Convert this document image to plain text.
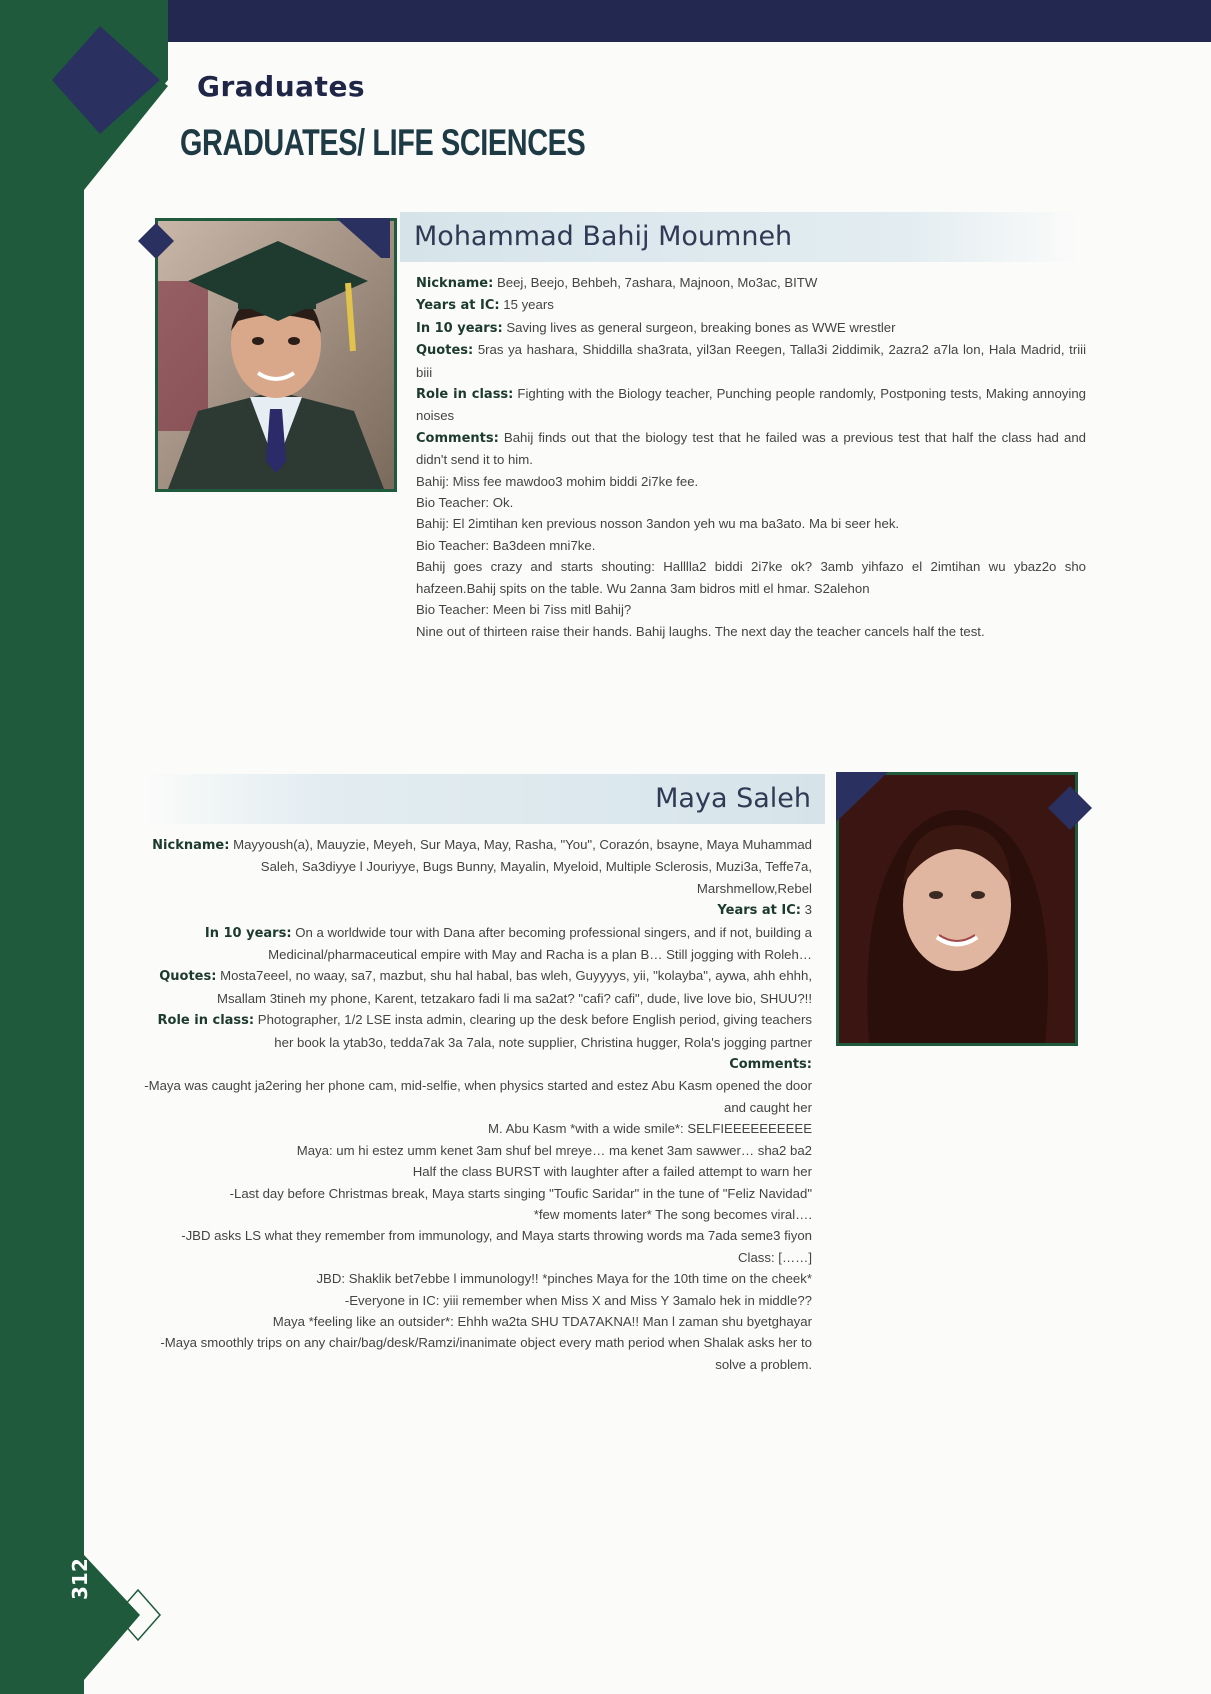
Graduates
GRADUATES/ LIFE SCIENCES
Mohammad Bahij Moumneh

Nickname: Beej, Beejo, Behbeh, 7ashara, Majnoon, Mo3ac, BITW

Years at IC: 15 years

In 10 years: Saving lives as general surgeon, breaking bones as WWE wrestler

Quotes: 5ras ya hashara, Shiddilla sha3rata, yil3an Reegen, Talla3i 2iddimik, 2azra2 a7la lon, Hala Madrid, triii biii

Role in class: Fighting with the Biology teacher, Punching people randomly, Postponing tests, Making annoying noises

Comments: Bahij finds out that the biology test that he failed was a previous test that half the class had and didn't send it to him.

Bahij: Miss fee mawdoo3 mohim biddi 2i7ke fee.

Bio Teacher: Ok.

Bahij: El 2imtihan ken previous nosson 3andon yeh wu ma ba3ato. Ma bi seer hek.

Bio Teacher: Ba3deen mni7ke.

Bahij goes crazy and starts shouting: Halllla2 biddi 2i7ke ok? 3amb yihfazo el 2imtihan wu ybaz2o sho hafzeen.Bahij spits on the table. Wu 2anna 3am bidros mitl el hmar. S2alehon

Bio Teacher: Meen bi 7iss mitl Bahij?

Nine out of thirteen raise their hands. Bahij laughs. The next day the teacher cancels half the test.

Maya Saleh

Nickname: Mayyoush(a), Mauyzie, Meyeh, Sur Maya, May, Rasha, "You", Corazón, bsayne, Maya Muhammad Saleh, Sa3diyye l Jouriyye, Bugs Bunny, Mayalin, Myeloid, Multiple Sclerosis, Muzi3a, Teffe7a, Marshmellow,Rebel

Years at IC: 3

In 10 years: On a worldwide tour with Dana after becoming professional singers, and if not, building a Medicinal/pharmaceutical empire with May and Racha is a plan B… Still jogging with Roleh…

Quotes: Mosta7eeel, no waay, sa7, mazbut, shu hal habal, bas wleh, Guyyyys, yii, "kolayba", aywa, ahh ehhh, Msallam 3tineh my phone, Karent, tetzakaro fadi li ma sa2at? "cafi? cafi", dude, live love bio, SHUU?!!

Role in class: Photographer, 1/2 LSE insta admin, clearing up the desk before English period, giving teachers her book la ytab3o, tedda7ak 3a 7ala, note supplier, Christina hugger, Rola's jogging partner

Comments:

-Maya was caught ja2ering her phone cam, mid-selfie, when physics started and estez Abu Kasm opened the door and caught her

M. Abu Kasm *with a wide smile*: SELFIEEEEEEEEEE

Maya: um hi estez umm kenet 3am shuf bel mreye… ma kenet 3am sawwer… sha2 ba2

Half the class BURST with laughter after a failed attempt to warn her

-Last day before Christmas break, Maya starts singing "Toufic Saridar" in the tune of "Feliz Navidad"

*few moments later* The song becomes viral….

-JBD asks LS what they remember from immunology, and Maya starts throwing words ma 7ada seme3 fiyon

Class: [……]

JBD: Shaklik bet7ebbe l immunology!! *pinches Maya for the 10th time on the cheek*

-Everyone in IC: yiii remember when Miss X and Miss Y 3amalo hek in middle??

Maya *feeling like an outsider*: Ehhh wa2ta SHU TDA7AKNA!! Man l zaman shu byetghayar

-Maya smoothly trips on any chair/bag/desk/Ramzi/inanimate object every math period when Shalak asks her to solve a problem.

312
